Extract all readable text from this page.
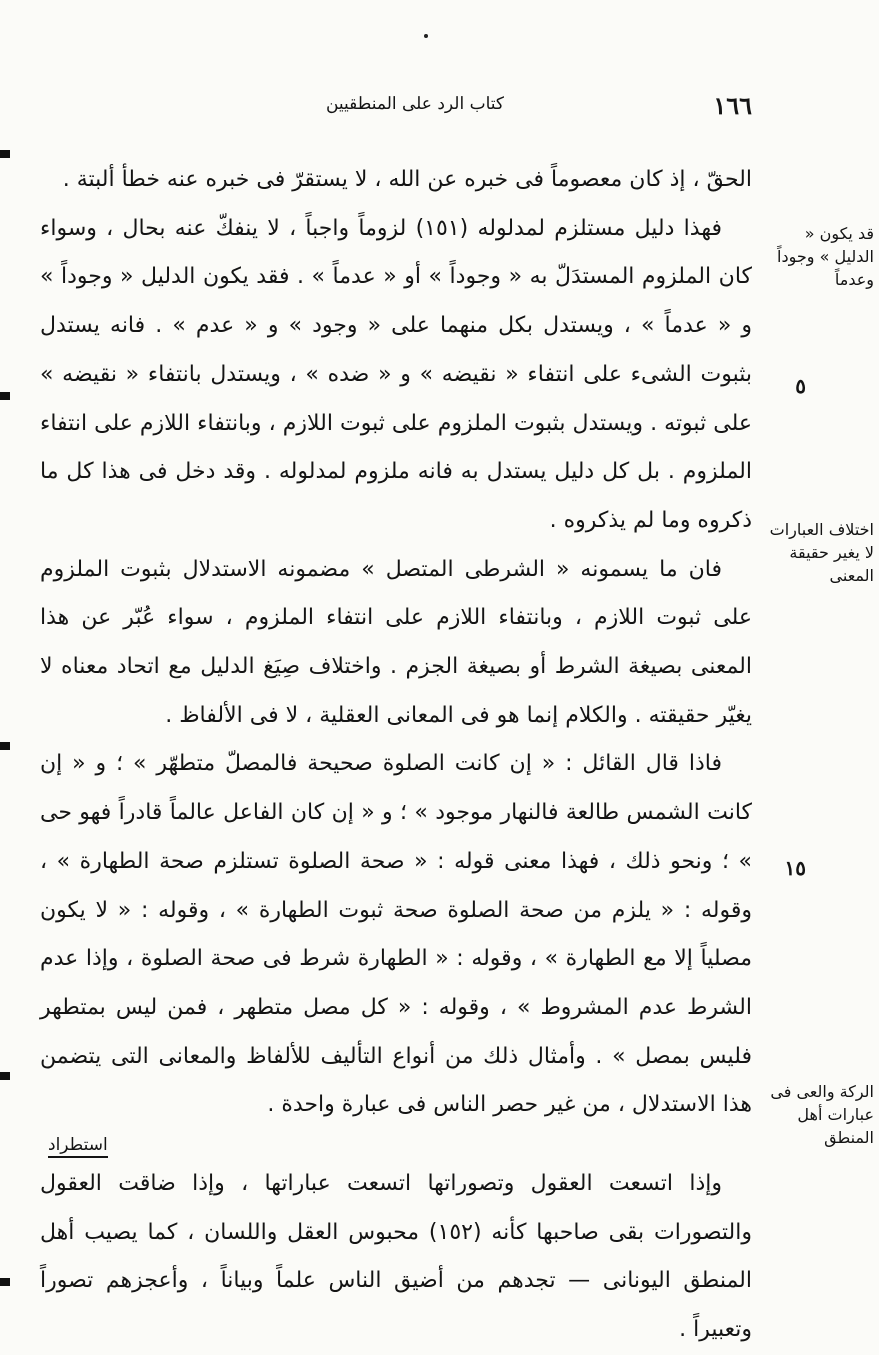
كتاب الرد على المنطقيين	١٦٦

الحقّ ، إذ كان معصوماً فى خبره عن الله ، لا يستقرّ فى خبره عنه خطأ ألبتة .

فهذا دليل مستلزم لمدلوله (١٥١) لزوماً واجباً ، لا ينفكّ عنه بحال ، وسواء كان الملزوم المستدَلّ به « وجوداً » أو « عدماً » . فقد يكون الدليل « وجوداً » و « عدماً » ، ويستدل بكل منهما على « وجود » و « عدم » . فانه يستدل بثبوت الشىء على انتفاء « نقيضه » و « ضده » ، ويستدل بانتفاء « نقيضه » على ثبوته . ويستدل بثبوت الملزوم على ثبوت اللازم ، وبانتفاء اللازم على انتفاء الملزوم . بل كل دليل يستدل به فانه ملزوم لمدلوله . وقد دخل فى هذا كل ما ذكروه وما لم يذكروه .

فان ما يسمونه « الشرطى المتصل » مضمونه الاستدلال بثبوت الملزوم على ثبوت اللازم ، وبانتفاء اللازم على انتفاء الملزوم ، سواء عُبّر عن هذا المعنى بصيغة الشرط أو بصيغة الجزم . واختلاف صِيَغ الدليل مع اتحاد معناه لا يغيّر حقيقته . والكلام إنما هو فى المعانى العقلية ، لا فى الألفاظ .

فاذا قال القائل : « إن كانت الصلوة صحيحة فالمصلّ متطهّر » ؛ و « إن كانت الشمس طالعة فالنهار موجود » ؛ و « إن كان الفاعل عالماً قادراً فهو حى » ؛ ونحو ذلك ، فهذا معنى قوله : « صحة الصلوة تستلزم صحة الطهارة » ، وقوله : « يلزم من صحة الصلوة صحة ثبوت الطهارة » ، وقوله : « لا يكون مصلياً إلا مع الطهارة » ، وقوله : « الطهارة شرط فى صحة الصلوة ، وإذا عدم الشرط عدم المشروط » ، وقوله : « كل مصل متطهر ، فمن ليس بمتطهر فليس بمصل » . وأمثال ذلك من أنواع التأليف للألفاظ والمعانى التى يتضمن هذا الاستدلال ، من غير حصر الناس فى عبارة واحدة .

استطراد

وإذا اتسعت العقول وتصوراتها اتسعت عباراتها ، وإذا ضاقت العقول والتصورات بقى صاحبها كأنه (١٥٢) محبوس العقل واللسان ، كما يصيب أهل المنطق اليونانى — تجدهم من أضيق الناس علماً وبياناً ، وأعجزهم تصوراً وتعبيراً .

قد يكون « الدليل » وجوداً وعدماً
اختلاف العبارات لا يغير حقيقة المعنى
الركة والعى فى عبارات أهل المنطق
٥
١٥
